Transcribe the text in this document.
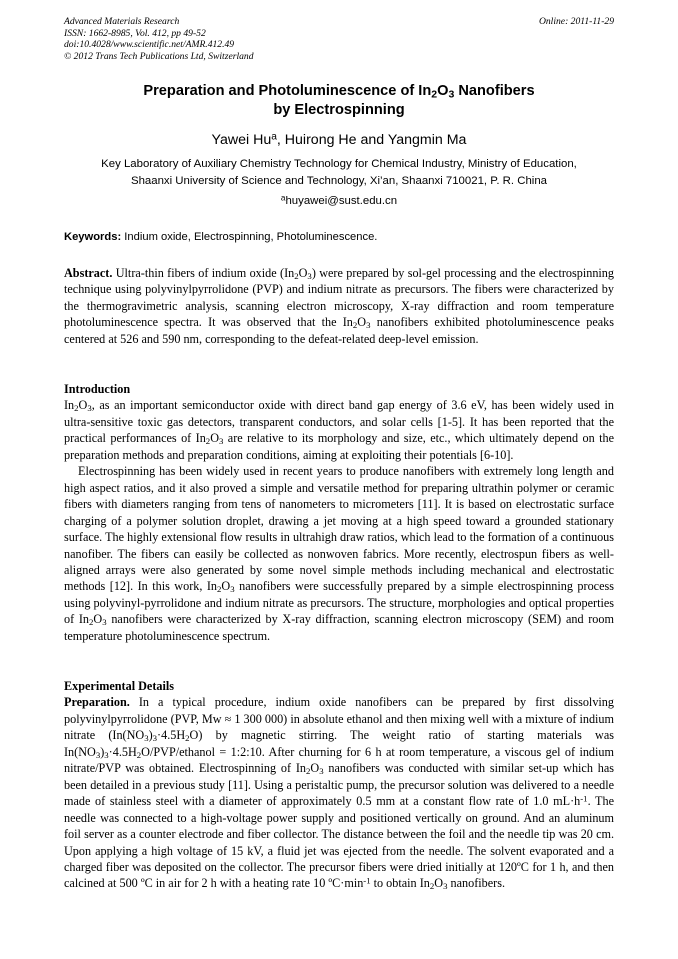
Advanced Materials Research
ISSN: 1662-8985, Vol. 412, pp 49-52
doi:10.4028/www.scientific.net/AMR.412.49
© 2012 Trans Tech Publications Ltd, Switzerland
Online: 2011-11-29
Preparation and Photoluminescence of $In_2O_3$ Nanofibers
by Electrospinning
Yawei Hu$^a$, Huirong He and Yangmin Ma
Key Laboratory of Auxiliary Chemistry Technology for Chemical Industry, Ministry of Education,
Shaanxi University of Science and Technology, Xi’an, Shaanxi 710021, P. R. China
$^a$huyawei@sust.edu.cn
Keywords: Indium oxide, Electrospinning, Photoluminescence.

Abstract. Ultra-thin fibers of indium oxide $(In_2O_3)$ were prepared by sol-gel processing and the electrospinning technique using polyvinylpyrrolidone (PVP) and indium nitrate as precursors. The fibers were characterized by the thermogravimetric analysis, scanning electron microscopy, X-ray diffraction and room temperature photoluminescence spectra. It was observed that the $In_2O_3$ nanofibers exhibited photoluminescence peaks centered at 526 and 590 nm, corresponding to the defeat-related deep-level emission.

Introduction

$In_2O_3$, as an important semiconductor oxide with direct band gap energy of 3.6 eV, has been widely used in ultra-sensitive toxic gas detectors, transparent conductors, and solar cells [1-5]. It has been reported that the practical performances of $In_2O_3$ are relative to its morphology and size, etc., which ultimately depend on the preparation methods and preparation conditions, aiming at exploiting their potentials [6-10].

Electrospinning has been widely used in recent years to produce nanofibers with extremely long length and high aspect ratios, and it also proved a simple and versatile method for preparing ultrathin polymer or ceramic fibers with diameters ranging from tens of nanometers to micrometers [11]. It is based on electrostatic surface charging of a polymer solution droplet, drawing a jet moving at a high speed toward a grounded stationary surface. The highly extensional flow results in ultrahigh draw ratios, which lead to the formation of a continuous nanofiber. The fibers can easily be collected as nonwoven fabrics. More recently, electrospun fibers as well-aligned arrays were also generated by some novel simple methods including mechanical and electrostatic methods [12]. In this work, $In_2O_3$ nanofibers were successfully prepared by a simple electrospinning process using polyvinyl-pyrrolidone and indium nitrate as precursors. The structure, morphologies and optical properties of $In_2O_3$ nanofibers were characterized by X-ray diffraction, scanning electron microscopy (SEM) and room temperature photoluminescence spectrum.

Experimental Details

Preparation. In a typical procedure, indium oxide nanofibers can be prepared by first dissolving polyvinylpyrrolidone (PVP, Mw ≈ 1 300 000) in absolute ethanol and then mixing well with a mixture of indium nitrate $(In(NO_3)_3\cdot 4.5H_2O)$ by magnetic stirring. The weight ratio of starting materials was $In(NO_3)_3\cdot 4.5H_2O/PVP$/ethanol = 1:2:10. After churning for 6 h at room temperature, a viscous gel of indium nitrate/PVP was obtained. Electrospinning of $In_2O_3$ nanofibers was conducted with similar set-up which has been detailed in a previous study [11]. Using a peristaltic pump, the precursor solution was delivered to a needle made of stainless steel with a diameter of approximately 0.5 mm at a constant flow rate of 1.0 $mL\cdot h^{-1}$. The needle was connected to a high-voltage power supply and positioned vertically on ground. And an aluminum foil server as a counter electrode and fiber collector. The distance between the foil and the needle tip was 20 cm. Upon applying a high voltage of 15 kV, a fluid jet was ejected from the needle. The solvent evaporated and a charged fiber was deposited on the collector. The precursor fibers were dried initially at 120ºC for 1 h, and then calcined at 500 ºC in air for 2 h with a heating rate 10 $ºC\cdot\min^{-1}$ to obtain $In_2O_3$ nanofibers.
